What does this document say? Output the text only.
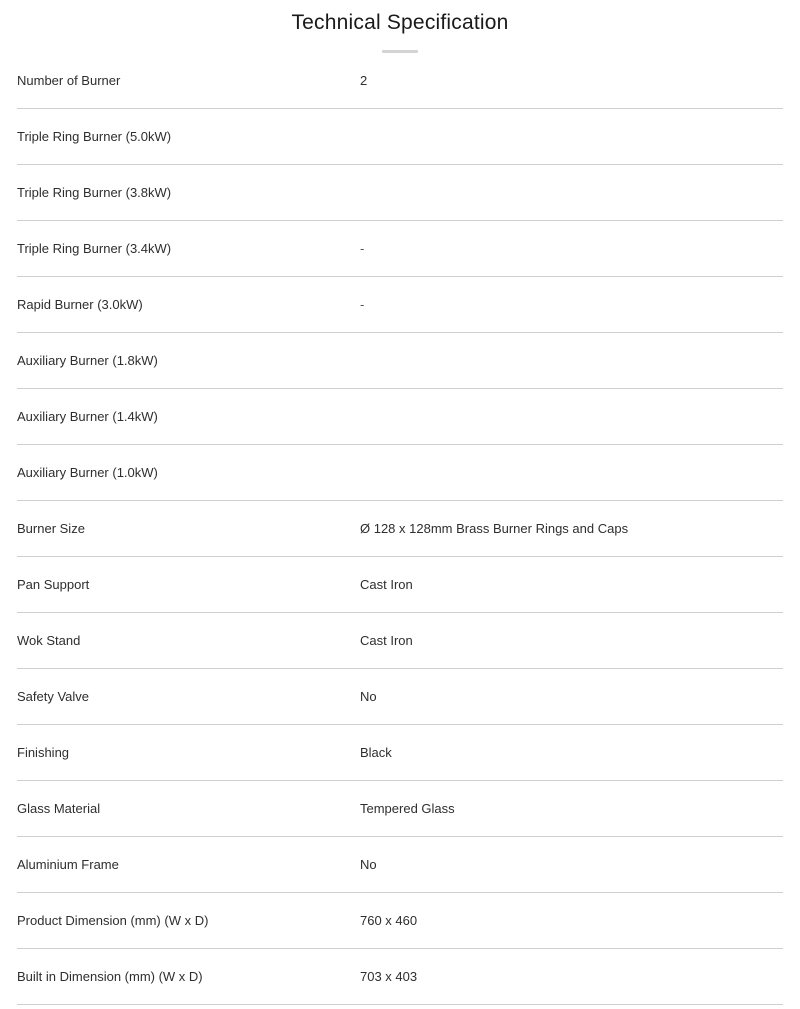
Technical Specification
Number of Burner	2
Triple Ring Burner (5.0kW)
Triple Ring Burner (3.8kW)
Triple Ring Burner (3.4kW)	-
Rapid Burner (3.0kW)	-
Auxiliary Burner (1.8kW)
Auxiliary Burner (1.4kW)
Auxiliary Burner (1.0kW)
Burner Size	Ø 128 x 128mm Brass Burner Rings and Caps
Pan Support	Cast Iron
Wok Stand	Cast Iron
Safety Valve	No
Finishing	Black
Glass Material	Tempered Glass
Aluminium Frame	No
Product Dimension (mm) (W x D)	760 x 460
Built in Dimension (mm) (W x D)	703 x 403
